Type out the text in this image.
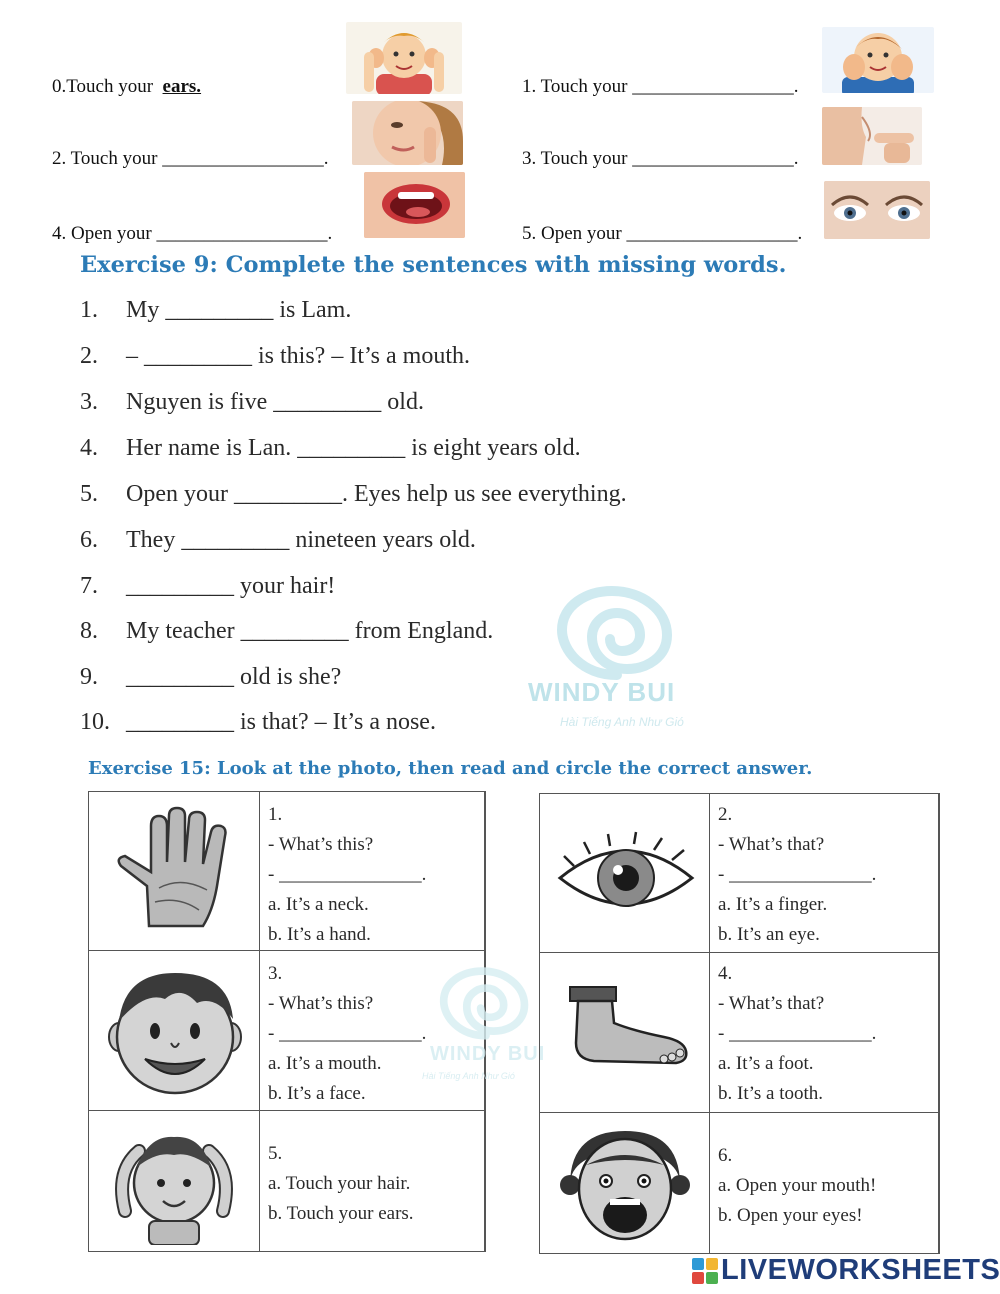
0.Touch your ears.	1. Touch your _________________.
2. Touch your _________________.	3. Touch your _________________.
4. Open your __________________.	5. Open your __________________.
Exercise 9: Complete the sentences with missing words.
1. My _________ is Lam.
2. – _________ is this? – It’s a mouth.
3. Nguyen is five _________ old.
4. Her name is Lan. _________ is eight years old.
5. Open your _________. Eyes help us see everything.
6. They _________ nineteen years old.
7. _________ your hair!
8. My teacher _________ from England.
9. _________ old is she?
10. _________ is that? – It’s a nose.
WINDY BUI
Hài Tiếng Anh Như Gió
Exercise 15: Look at the photo, then read and circle the correct answer.
1.
- What’s this?
- _______________.
a. It’s a neck.
b. It’s a hand.
3.
- What’s this?
- _______________.
a. It’s a mouth.
b. It’s a face.
5.
a. Touch your hair.
b. Touch your ears.
2.
- What’s that?
- _______________.
a. It’s a finger.
b. It’s an eye.
4.
- What’s that?
- _______________.
a. It’s a foot.
b. It’s a tooth.
6.
a. Open your mouth!
b. Open your eyes!
WINDY BUI
Hài Tiếng Anh Như Gió
LIVEWORKSHEETS
